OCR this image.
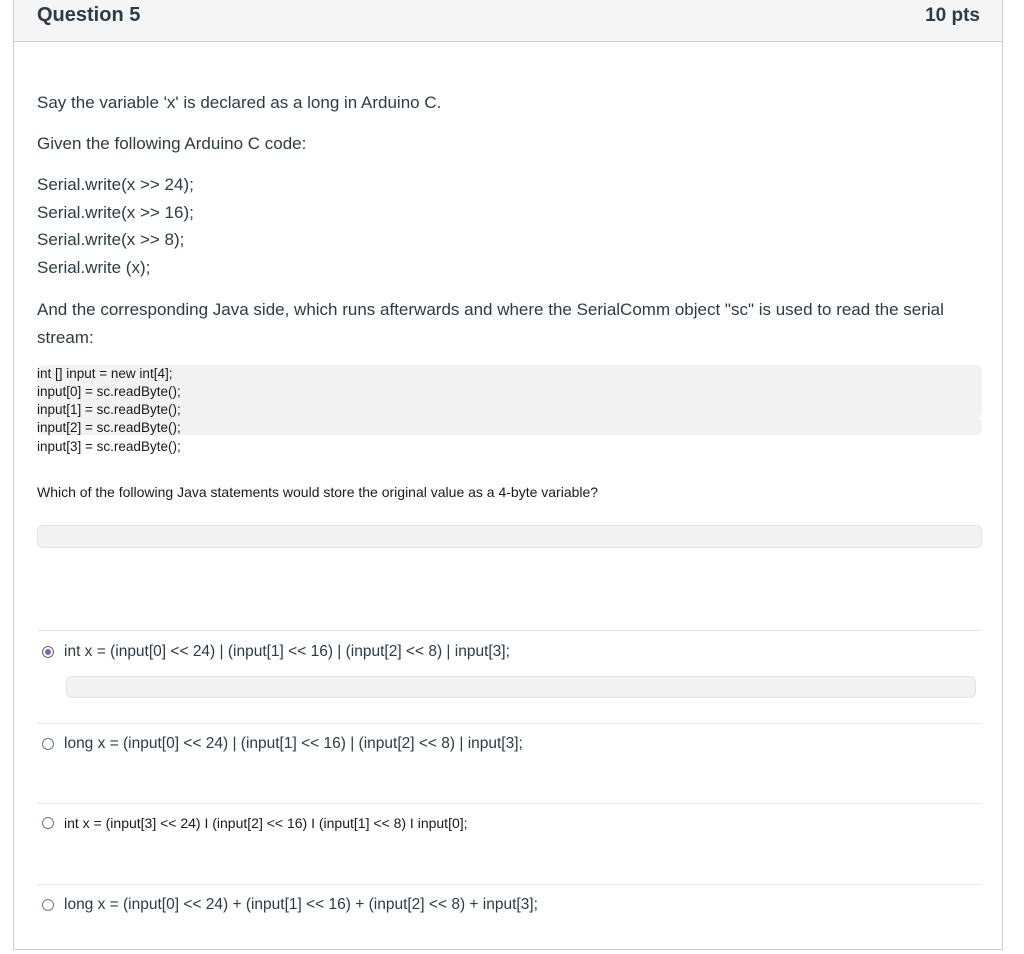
Question 5	10 pts
Say the variable 'x' is declared as a long in Arduino C.
Given the following Arduino C code:
Serial.write(x >> 24);
Serial.write(x >> 16);
Serial.write(x >> 8);
Serial.write (x);
And the corresponding Java side, which runs afterwards and where the SerialComm object "sc" is used to read the serial stream:
int [] input = new int[4];
input[0] = sc.readByte();
input[1] = sc.readByte();
input[2] = sc.readByte();
input[3] = sc.readByte();
Which of the following Java statements would store the original value as a 4-byte variable?
int x = (input[0] << 24) | (input[1] << 16) | (input[2] << 8) | input[3];
long x = (input[0] << 24) | (input[1] << 16) | (input[2] << 8) | input[3];
int x = (input[3] << 24) I (input[2] << 16) I (input[1] << 8) I input[0];
long x = (input[0] << 24) + (input[1] << 16) + (input[2] << 8) + input[3];
